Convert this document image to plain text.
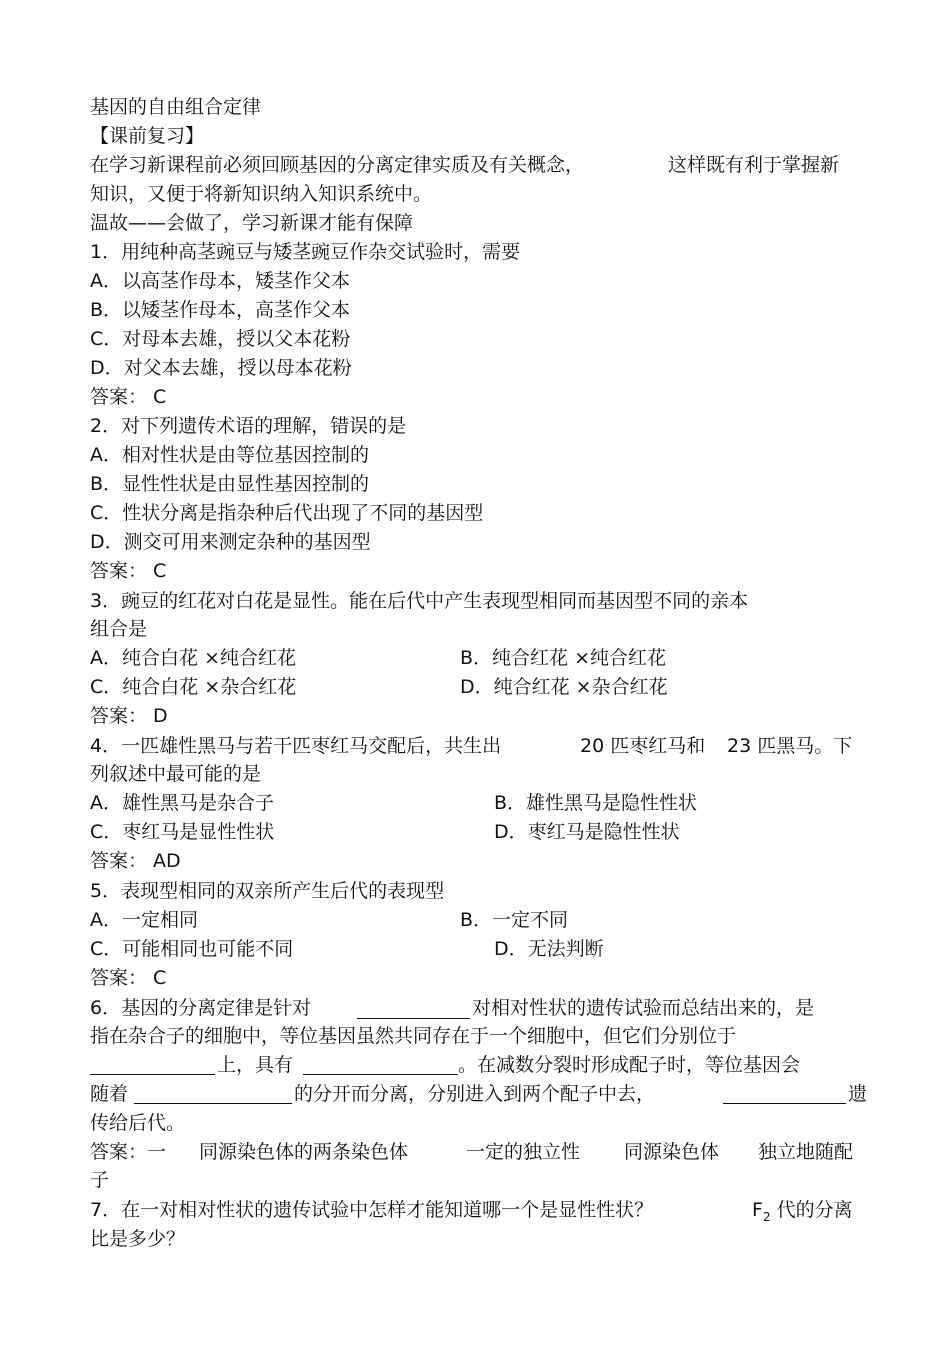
基因的自由组合定律
【课前复习】
在学习新课程前必须回顾基因的分离定律实质及有关概念，	这样既有利于掌握新
知识，又便于将新知识纳入知识系统中。
温故——会做了，学习新课才能有保障
1．用纯种高茎豌豆与矮茎豌豆作杂交试验时，需要
A．以高茎作母本，矮茎作父本
B．以矮茎作母本，高茎作父本
C．对母本去雄，授以父本花粉
D．对父本去雄，授以母本花粉
答案： C
2．对下列遗传术语的理解，错误的是
A．相对性状是由等位基因控制的
B．显性性状是由显性基因控制的
C．性状分离是指杂种后代出现了不同的基因型
D．测交可用来测定杂种的基因型
答案： C
3．豌豆的红花对白花是显性。能在后代中产生表现型相同而基因型不同的亲本
组合是
A．纯合白花 ×纯合红花	B．纯合红花 ×纯合红花
C．纯合白花 ×杂合红花	D．纯合红花 ×杂合红花
答案： D
4．一匹雄性黑马与若干匹枣红马交配后，共生出	20 匹枣红马和 23 匹黑马。下
列叙述中最可能的是
A．雄性黑马是杂合子	B．雄性黑马是隐性性状
C．枣红马是显性性状	D．枣红马是隐性性状
答案： AD
5．表现型相同的双亲所产生后代的表现型
A．一定相同	B．一定不同
C．可能相同也可能不同	D．无法判断
答案： C
6．基因的分离定律是针对	对相对性状的遗传试验而总结出来的，是
指在杂合子的细胞中，等位基因虽然共同存在于一个细胞中，但它们分别位于
上，具有	。在减数分裂时形成配子时，等位基因会
随着	的分开而分离，分别进入到两个配子中去，	遗
传给后代。
答案：一 同源染色体的两条染色体	一定的独立性 同源染色体 独立地随配
子
7．在一对相对性状的遗传试验中怎样才能知道哪一个是显性性状？	$F_2$ 代的分离
比是多少？
